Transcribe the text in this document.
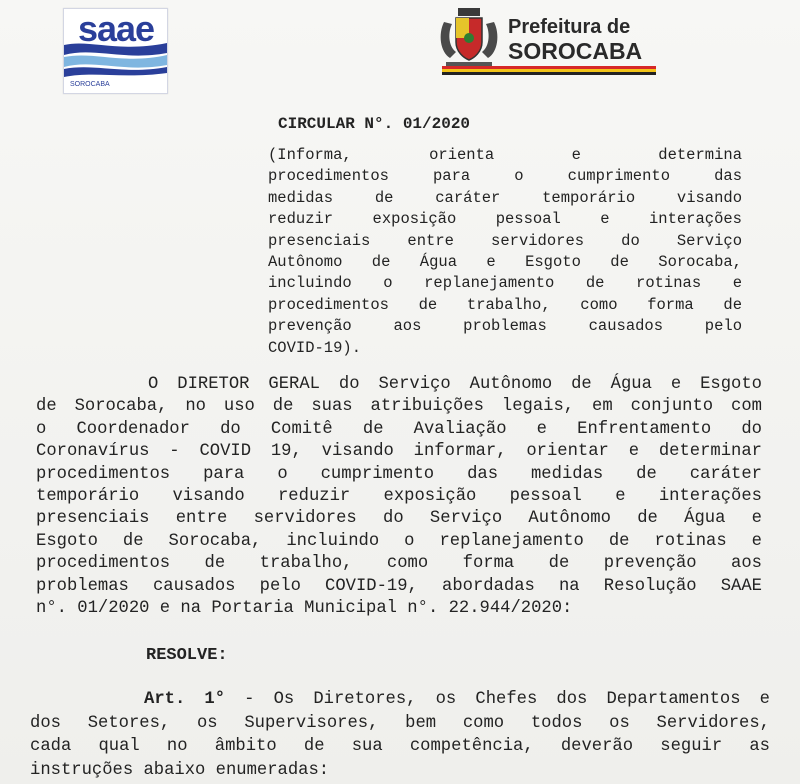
saae
SOROCABA
Prefeitura de
SOROCABA
CIRCULAR N°. 01/2020
(Informa, orienta e determina
procedimentos para o cumprimento das
medidas de caráter temporário visando
reduzir exposição pessoal e interações
presenciais entre servidores do Serviço
Autônomo de Água e Esgoto de Sorocaba,
incluindo o replanejamento de rotinas e
procedimentos de trabalho, como forma de
prevenção aos problemas causados pelo
COVID-19).
O DIRETOR GERAL do Serviço Autônomo de Água e Esgoto
de Sorocaba, no uso de suas atribuições legais, em conjunto com
o Coordenador do Comitê de Avaliação e Enfrentamento do
Coronavírus - COVID 19, visando informar, orientar e determinar
procedimentos para o cumprimento das medidas de caráter
temporário visando reduzir exposição pessoal e interações
presenciais entre servidores do Serviço Autônomo de Água e
Esgoto de Sorocaba, incluindo o replanejamento de rotinas e
procedimentos de trabalho, como forma de prevenção aos
problemas causados pelo COVID-19, abordadas na Resolução SAAE
n°. 01/2020 e na Portaria Municipal n°. 22.944/2020:
RESOLVE:
Art. 1° - Os Diretores, os Chefes dos Departamentos e
dos Setores, os Supervisores, bem como todos os Servidores,
cada qual no âmbito de sua competência, deverão seguir as
instruções abaixo enumeradas:
